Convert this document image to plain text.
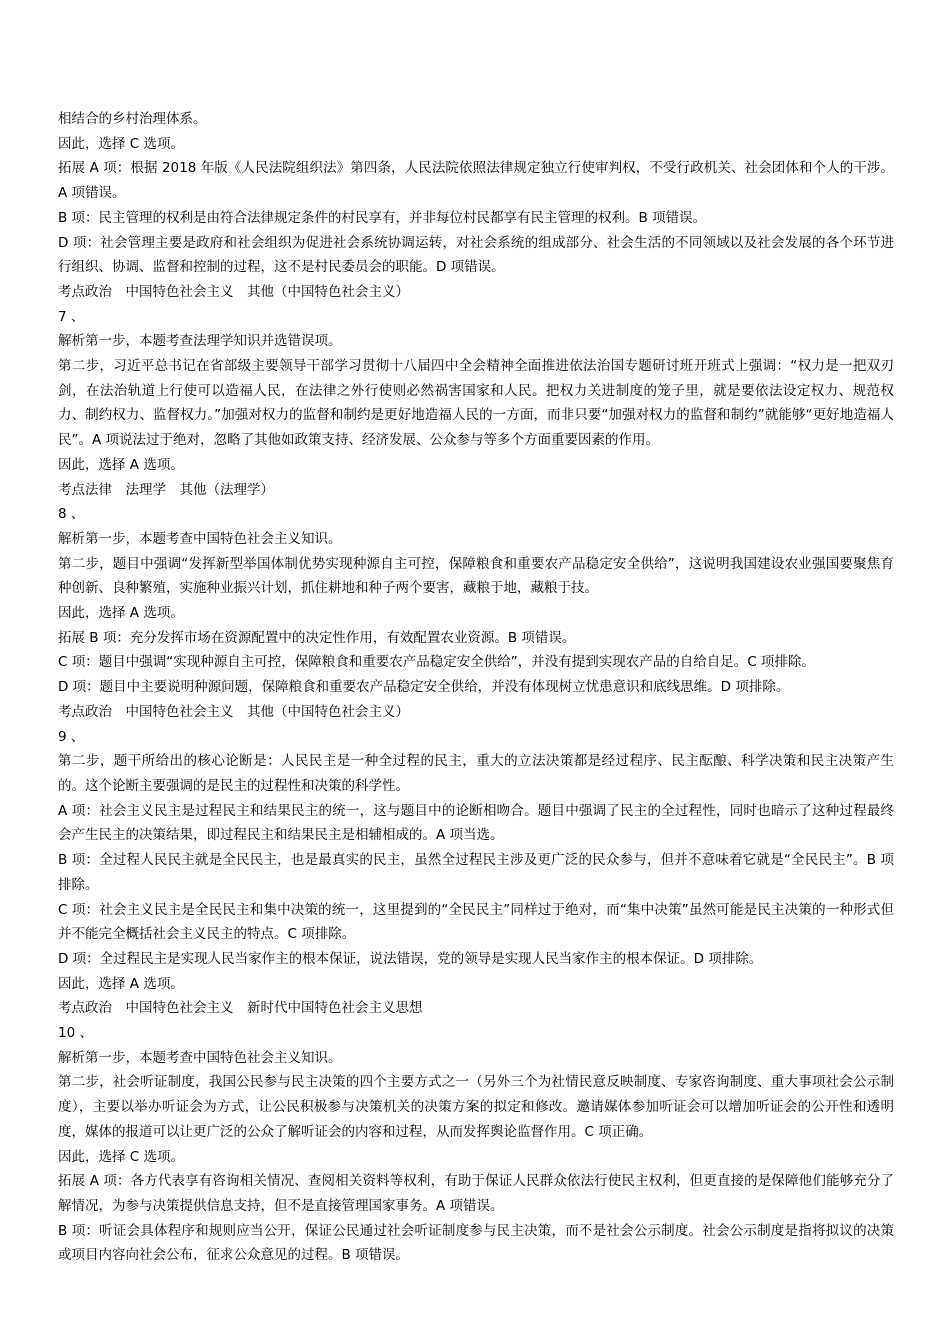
相结合的乡村治理体系。

因此，选择 C 选项。

拓展 A 项：根据 2018 年版《人民法院组织法》第四条，人民法院依照法律规定独立行使审判权，不受行政机关、社会团体和个人的干涉。A 项错误。

B 项：民主管理的权利是由符合法律规定条件的村民享有，并非每位村民都享有民主管理的权利。B 项错误。

D 项：社会管理主要是政府和社会组织为促进社会系统协调运转，对社会系统的组成部分、社会生活的不同领域以及社会发展的各个环节进行组织、协调、监督和控制的过程，这不是村民委员会的职能。D 项错误。

考点政治　中国特色社会主义　其他（中国特色社会主义）

7 、

解析第一步，本题考查法理学知识并选错误项。

第二步，习近平总书记在省部级主要领导干部学习贯彻十八届四中全会精神全面推进依法治国专题研讨班开班式上强调：“权力是一把双刃剑，在法治轨道上行使可以造福人民，在法律之外行使则必然祸害国家和人民。把权力关进制度的笼子里，就是要依法设定权力、规范权力、制约权力、监督权力。”加强对权力的监督和制约是更好地造福人民的一方面，而非只要“加强对权力的监督和制约”就能够“更好地造福人民”。A 项说法过于绝对，忽略了其他如政策支持、经济发展、公众参与等多个方面重要因素的作用。

因此，选择 A 选项。

考点法律　法理学　其他（法理学）

8 、

解析第一步，本题考查中国特色社会主义知识。

第二步，题目中强调“发挥新型举国体制优势实现种源自主可控，保障粮食和重要农产品稳定安全供给”，这说明我国建设农业强国要聚焦育种创新、良种繁殖，实施种业振兴计划，抓住耕地和种子两个要害，藏粮于地，藏粮于技。

因此，选择 A 选项。

拓展 B 项：充分发挥市场在资源配置中的决定性作用，有效配置农业资源。B 项错误。

C 项：题目中强调“实现种源自主可控，保障粮食和重要农产品稳定安全供给”，并没有提到实现农产品的自给自足。C 项排除。

D 项：题目中主要说明种源问题，保障粮食和重要农产品稳定安全供给，并没有体现树立忧患意识和底线思维。D 项排除。

考点政治　中国特色社会主义　其他（中国特色社会主义）

9 、

第二步，题干所给出的核心论断是：人民民主是一种全过程的民主，重大的立法决策都是经过程序、民主酝酿、科学决策和民主决策产生的。这个论断主要强调的是民主的过程性和决策的科学性。

A 项：社会主义民主是过程民主和结果民主的统一，这与题目中的论断相吻合。题目中强调了民主的全过程性，同时也暗示了这种过程最终会产生民主的决策结果，即过程民主和结果民主是相辅相成的。A 项当选。

B 项：全过程人民民主就是全民民主，也是最真实的民主，虽然全过程民主涉及更广泛的民众参与，但并不意味着它就是“全民民主”。B 项排除。

C 项：社会主义民主是全民民主和集中决策的统一，这里提到的“全民民主”同样过于绝对，而“集中决策”虽然可能是民主决策的一种形式但并不能完全概括社会主义民主的特点。C 项排除。

D 项：全过程民主是实现人民当家作主的根本保证，说法错误，党的领导是实现人民当家作主的根本保证。D 项排除。

因此，选择 A 选项。

考点政治　中国特色社会主义　新时代中国特色社会主义思想

10 、

解析第一步，本题考查中国特色社会主义知识。

第二步，社会听证制度，我国公民参与民主决策的四个主要方式之一（另外三个为社情民意反映制度、专家咨询制度、重大事项社会公示制度），主要以举办听证会为方式，让公民积极参与决策机关的决策方案的拟定和修改。邀请媒体参加听证会可以增加听证会的公开性和透明度，媒体的报道可以让更广泛的公众了解听证会的内容和过程，从而发挥舆论监督作用。C 项正确。

因此，选择 C 选项。

拓展 A 项：各方代表享有咨询相关情况、查阅相关资料等权利，有助于保证人民群众依法行使民主权利，但更直接的是保障他们能够充分了解情况，为参与决策提供信息支持，但不是直接管理国家事务。A 项错误。

B 项：听证会具体程序和规则应当公开，保证公民通过社会听证制度参与民主决策，而不是社会公示制度。社会公示制度是指将拟议的决策或项目内容向社会公布，征求公众意见的过程。B 项错误。
